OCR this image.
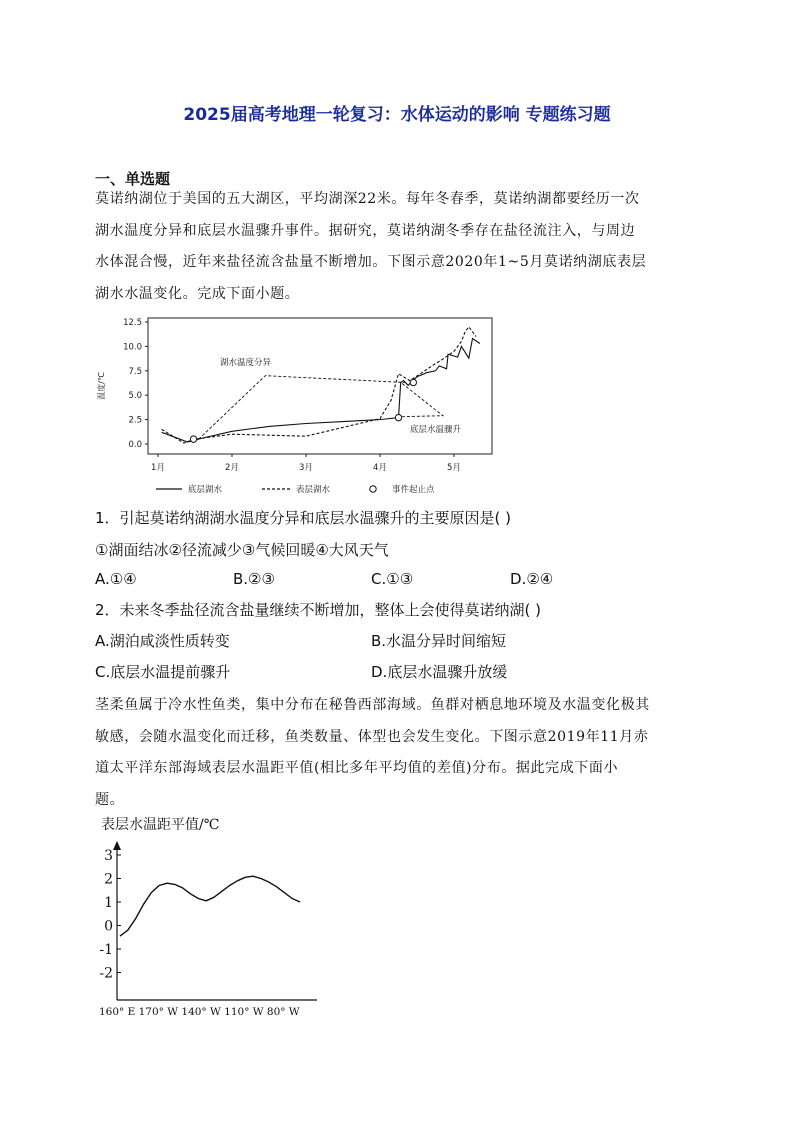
2025届高考地理一轮复习：水体运动的影响 专题练习题
一、单选题
莫诺纳湖位于美国的五大湖区，平均湖深22米。每年冬春季，莫诺纳湖都要经历一次
湖水温度分异和底层水温骤升事件。据研究，莫诺纳湖冬季存在盐径流注入，与周边
水体混合慢，近年来盐径流含盐量不断增加。下图示意2020年1~5月莫诺纳湖底表层
湖水水温变化。完成下面小题。
温度/℃
12.5
10.0
7.5
5.0
2.5
0.0
1月	2月	3月	4月	5月
湖水温度分异
底层水温骤升
底层湖水	表层湖水	事件起止点
1．引起莫诺纳湖湖水温度分异和底层水温骤升的主要原因是( )
①湖面结冰②径流减少③气候回暖④大风天气
A.①④	B.②③	C.①③	D.②④
2．未来冬季盐径流含盐量继续不断增加，整体上会使得莫诺纳湖( )
A.湖泊咸淡性质转变	B.水温分异时间缩短
C.底层水温提前骤升	D.底层水温骤升放缓
茎柔鱼属于冷水性鱼类，集中分布在秘鲁西部海域。鱼群对栖息地环境及水温变化极其
敏感，会随水温变化而迁移，鱼类数量、体型也会发生变化。下图示意2019年11月赤
道太平洋东部海域表层水温距平值(相比多年平均值的差值)分布。据此完成下面小
题。
表层水温距平值/℃
3
2
1
0
-1
-2
160° E 170° W 140° W 110° W 80° W
